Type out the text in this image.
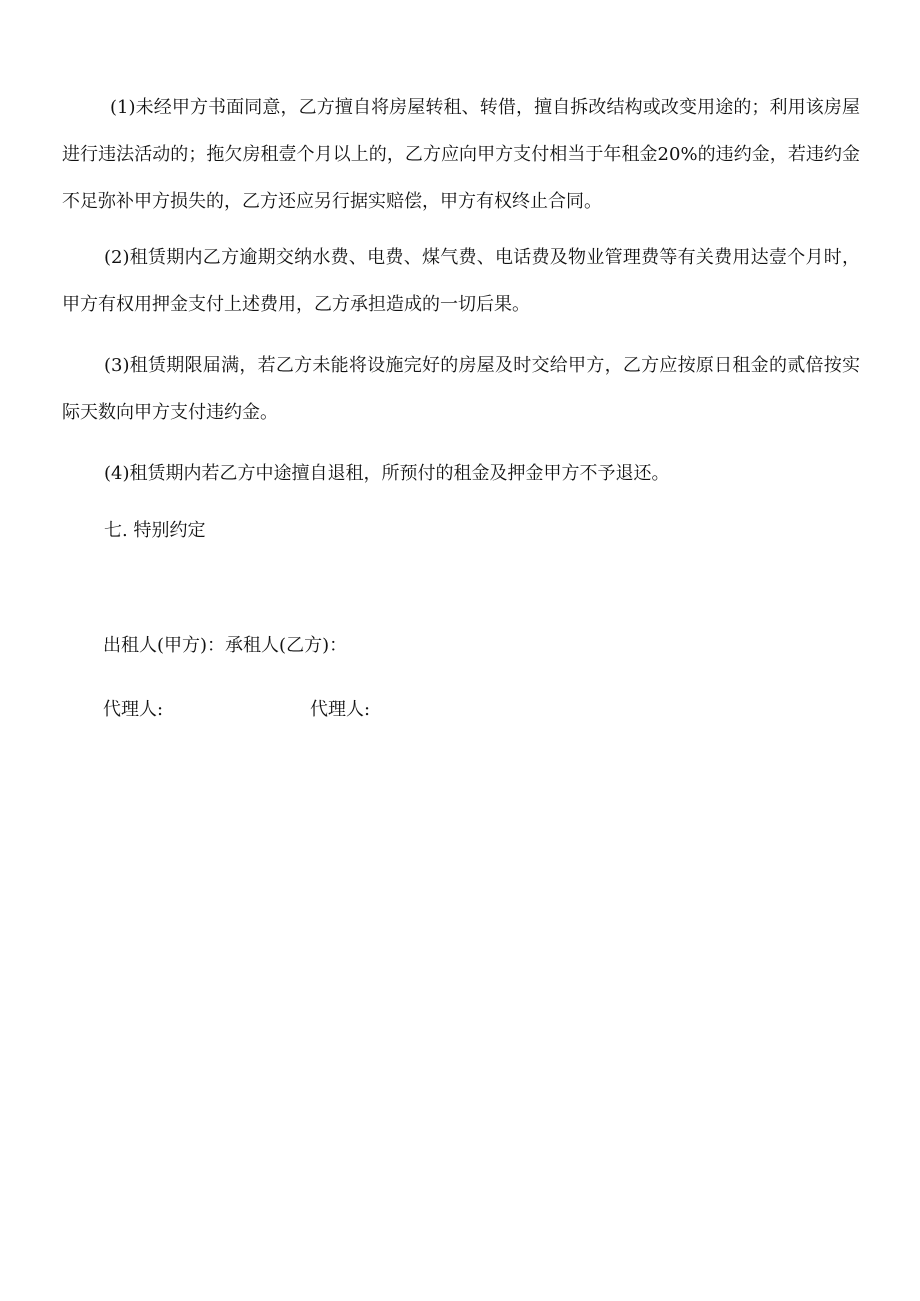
(1)未经甲方书面同意，乙方擅自将房屋转租、转借，擅自拆改结构或改变用途的；利用该房屋进行违法活动的；拖欠房租壹个月以上的，乙方应向甲方支付相当于年租金20%的违约金，若违约金不足弥补甲方损失的，乙方还应另行据实赔偿，甲方有权终止合同。

(2)租赁期内乙方逾期交纳水费、电费、煤气费、电话费及物业管理费等有关费用达壹个月时，甲方有权用押金支付上述费用，乙方承担造成的一切后果。

(3)租赁期限届满，若乙方未能将设施完好的房屋及时交给甲方，乙方应按原日租金的贰倍按实际天数向甲方支付违约金。

(4)租赁期内若乙方中途擅自退租，所预付的租金及押金甲方不予退还。

七. 特别约定

出租人(甲方)：承租人(乙方)：

代理人:	代理人:
